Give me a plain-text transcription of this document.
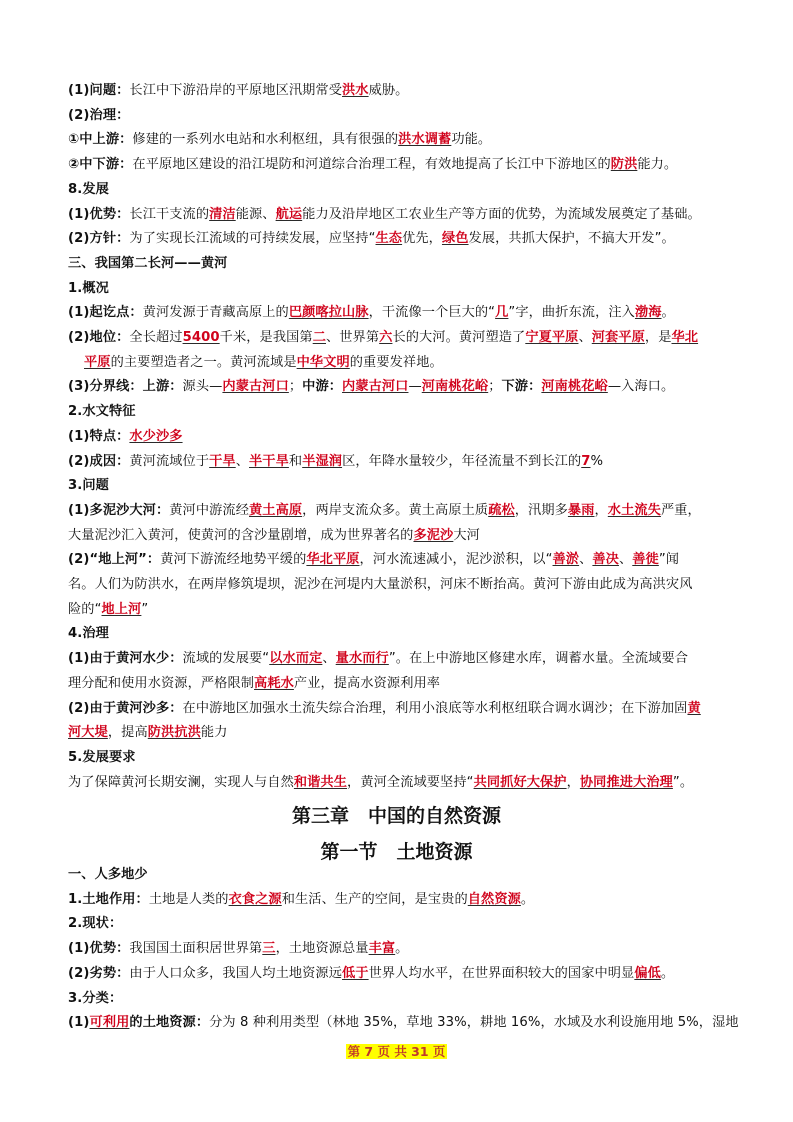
(1)问题：长江中下游沿岸的平原地区汛期常受洪水威胁。
(2)治理：
①中上游：修建的一系列水电站和水利枢纽，具有很强的洪水调蓄功能。
②中下游：在平原地区建设的沿江堤防和河道综合治理工程，有效地提高了长江中下游地区的防洪能力。
8.发展
(1)优势：长江干支流的清洁能源、航运能力及沿岸地区工农业生产等方面的优势，为流域发展奠定了基础。
(2)方针：为了实现长江流域的可持续发展，应坚持“生态优先，绿色发展，共抓大保护，不搞大开发”。
三、我国第二长河——黄河
1.概况
(1)起讫点：黄河发源于青藏高原上的巴颜喀拉山脉，干流像一个巨大的“几”字，曲折东流，注入渤海。
(2)地位：全长超过5400千米，是我国第二、世界第六长的大河。黄河塑造了宁夏平原、河套平原，是华北
平原的主要塑造者之一。黄河流域是中华文明的重要发祥地。
(3)分界线：上游：源头—内蒙古河口；中游：内蒙古河口—河南桃花峪；下游：河南桃花峪—入海口。
2.水文特征
(1)特点：水少沙多
(2)成因：黄河流域位于干旱、半干旱和半湿润区，年降水量较少，年径流量不到长江的7%
3.问题
(1)多泥沙大河：黄河中游流经黄土高原，两岸支流众多。黄土高原土质疏松，汛期多暴雨，水土流失严重，
大量泥沙汇入黄河，使黄河的含沙量剧增，成为世界著名的多泥沙大河
(2)“地上河”：黄河下游流经地势平缓的华北平原，河水流速减小，泥沙淤积，以“善淤、善决、善徙”闻
名。人们为防洪水，在两岸修筑堤坝，泥沙在河堤内大量淤积，河床不断抬高。黄河下游由此成为高洪灾风
险的“地上河”
4.治理
(1)由于黄河水少：流域的发展要“以水而定、量水而行”。在上中游地区修建水库，调蓄水量。全流域要合
理分配和使用水资源，严格限制高耗水产业，提高水资源利用率
(2)由于黄河沙多：在中游地区加强水土流失综合治理，利用小浪底等水利枢纽联合调水调沙；在下游加固黄
河大堤，提高防洪抗洪能力
5.发展要求
为了保障黄河长期安澜，实现人与自然和谐共生，黄河全流域要坚持“共同抓好大保护，协同推进大治理”。
第三章　中国的自然资源
第一节　土地资源
一、人多地少
1.土地作用：土地是人类的衣食之源和生活、生产的空间，是宝贵的自然资源。
2.现状：
(1)优势：我国国土面积居世界第三，土地资源总量丰富。
(2)劣势：由于人口众多，我国人均土地资源远低于世界人均水平，在世界面积较大的国家中明显偏低。
3.分类：
(1)可利用的土地资源：分为 8 种利用类型（林地 35%，草地 33%，耕地 16%，水域及水利设施用地 5%，湿地
第 7 页 共 31 页
